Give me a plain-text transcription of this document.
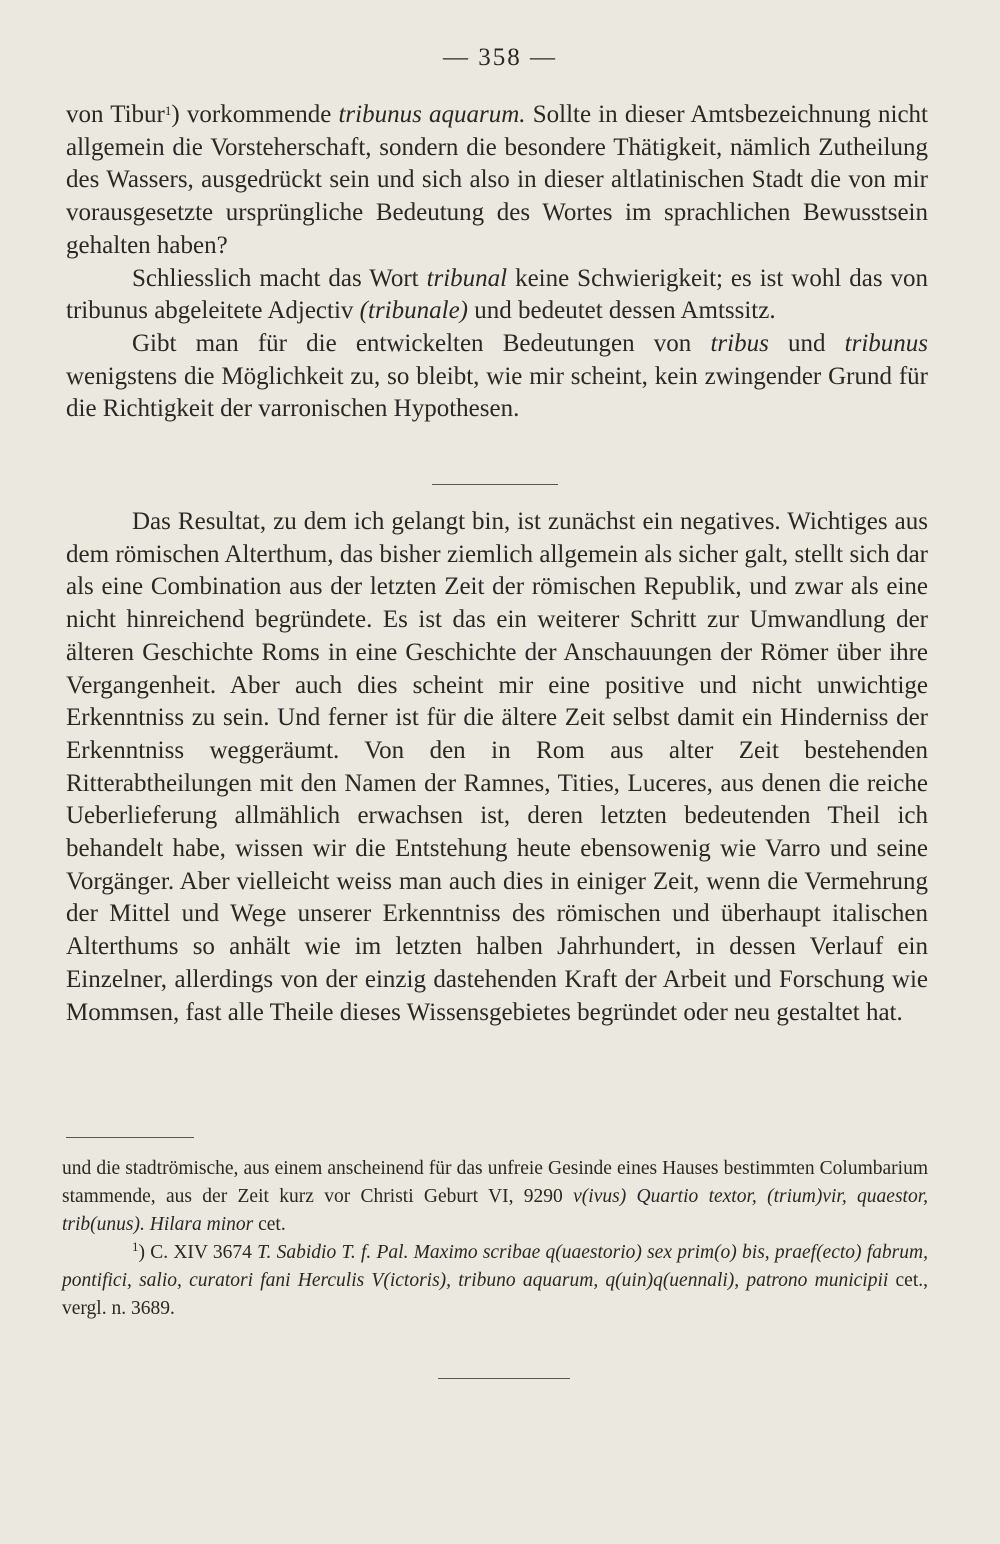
— 358 —

von Tibur$^1$) vorkommende tribunus aquarum. Sollte in dieser Amtsbezeichnung nicht allgemein die Vorsteherschaft, sondern die besondere Thätigkeit, nämlich Zutheilung des Wassers, ausgedrückt sein und sich also in dieser altlatinischen Stadt die von mir vorausgesetzte ursprüngliche Bedeutung des Wortes im sprachlichen Bewusstsein gehalten haben?

Schliesslich macht das Wort tribunal keine Schwierigkeit; es ist wohl das von tribunus abgeleitete Adjectiv (tribunale) und bedeutet dessen Amtssitz.

Gibt man für die entwickelten Bedeutungen von tribus und tribunus wenigstens die Möglichkeit zu, so bleibt, wie mir scheint, kein zwingender Grund für die Richtigkeit der varronischen Hypothesen.

Das Resultat, zu dem ich gelangt bin, ist zunächst ein negatives. Wichtiges aus dem römischen Alterthum, das bisher ziemlich allgemein als sicher galt, stellt sich dar als eine Combination aus der letzten Zeit der römischen Republik, und zwar als eine nicht hinreichend begründete. Es ist das ein weiterer Schritt zur Umwandlung der älteren Geschichte Roms in eine Geschichte der Anschauungen der Römer über ihre Vergangenheit. Aber auch dies scheint mir eine positive und nicht unwichtige Erkenntniss zu sein. Und ferner ist für die ältere Zeit selbst damit ein Hinderniss der Erkenntniss weggeräumt. Von den in Rom aus alter Zeit bestehenden Ritterabtheilungen mit den Namen der Ramnes, Tities, Luceres, aus denen die reiche Ueberlieferung allmählich erwachsen ist, deren letzten bedeutenden Theil ich behandelt habe, wissen wir die Entstehung heute ebensowenig wie Varro und seine Vorgänger. Aber vielleicht weiss man auch dies in einiger Zeit, wenn die Vermehrung der Mittel und Wege unserer Erkenntniss des römischen und überhaupt italischen Alterthums so anhält wie im letzten halben Jahrhundert, in dessen Verlauf ein Einzelner, allerdings von der einzig dastehenden Kraft der Arbeit und Forschung wie Mommsen, fast alle Theile dieses Wissensgebietes begründet oder neu gestaltet hat.

und die stadtrömische, aus einem anscheinend für das unfreie Gesinde eines Hauses bestimmten Columbarium stammende, aus der Zeit kurz vor Christi Geburt VI, 9290 v(ivus) Quartio textor, (trium)vir, quaestor, trib(unus). Hilara minor cet.

$^1$) C. XIV 3674 T. Sabidio T. f. Pal. Maximo scribae q(uaestorio) sex prim(o) bis, praef(ecto) fabrum, pontifici, salio, curatori fani Herculis V(ictoris), tribuno aquarum, q(uin)q(uennali), patrono municipii cet., vergl. n. 3689.
